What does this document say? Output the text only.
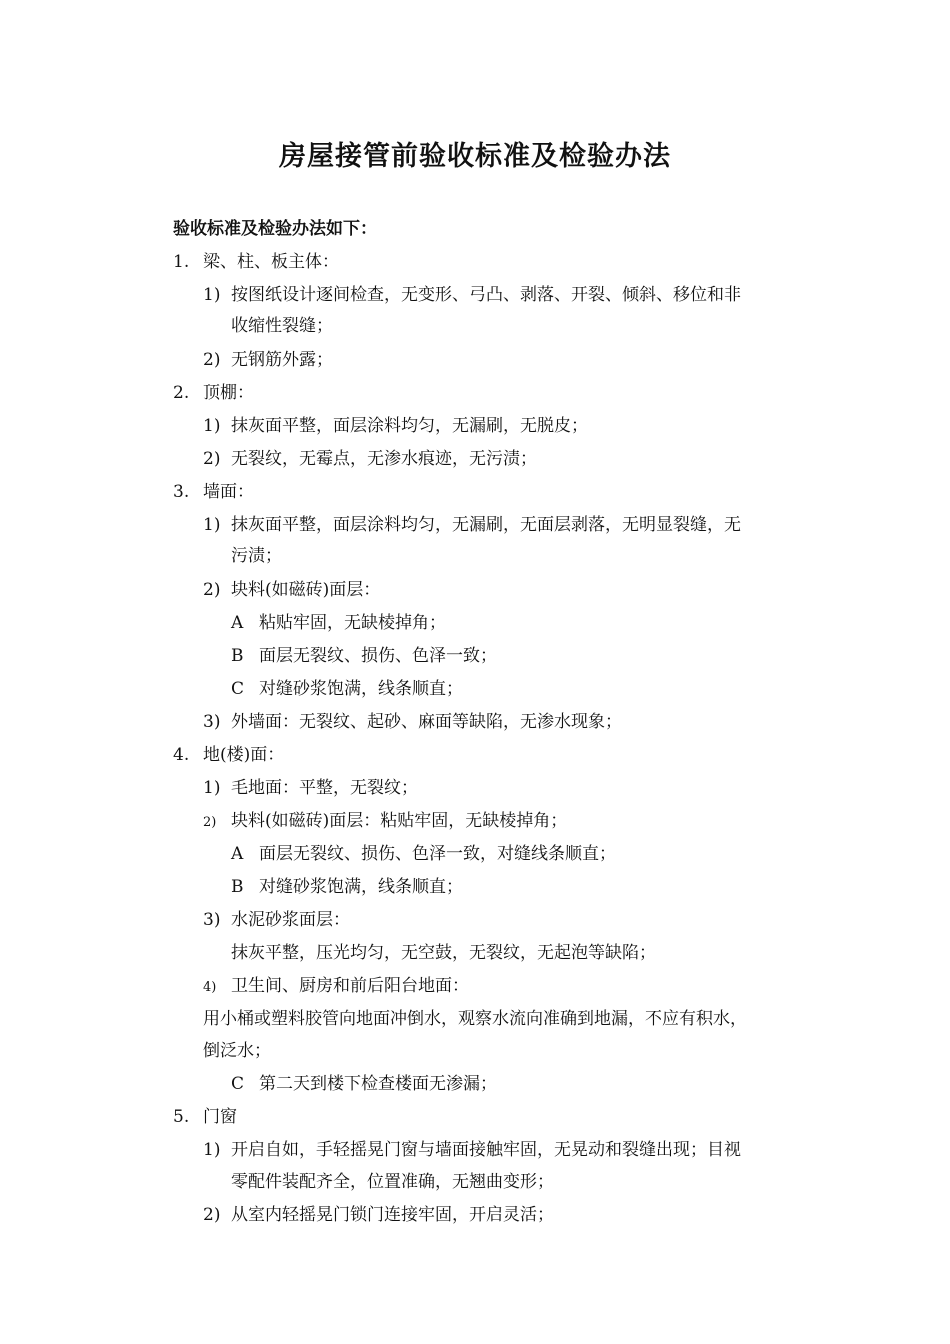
房屋接管前验收标准及检验办法
验收标准及检验办法如下：
1. 梁、柱、板主体：
1) 按图纸设计逐间检查，无变形、弓凸、剥落、开裂、倾斜、移位和非
收缩性裂缝；
2) 无钢筋外露；
2. 顶棚：
1) 抹灰面平整，面层涂料均匀，无漏刷，无脱皮；
2) 无裂纹，无霉点，无渗水痕迹，无污渍；
3. 墙面：
1) 抹灰面平整，面层涂料均匀，无漏刷，无面层剥落，无明显裂缝，无
污渍；
2) 块料(如磁砖)面层：
A 粘贴牢固，无缺棱掉角；
B 面层无裂纹、损伤、色泽一致；
C 对缝砂浆饱满，线条顺直；
3) 外墙面：无裂纹、起砂、麻面等缺陷，无渗水现象；
4. 地(楼)面：
1) 毛地面：平整，无裂纹；
2) 块料(如磁砖)面层：粘贴牢固，无缺棱掉角；
A 面层无裂纹、损伤、色泽一致，对缝线条顺直；
B 对缝砂浆饱满，线条顺直；
3) 水泥砂浆面层：
抹灰平整，压光均匀，无空鼓，无裂纹，无起泡等缺陷；
4) 卫生间、厨房和前后阳台地面：
用小桶或塑料胶管向地面冲倒水，观察水流向准确到地漏，不应有积水，
倒泛水；
C 第二天到楼下检查楼面无渗漏；
5. 门窗
1) 开启自如，手轻摇晃门窗与墙面接触牢固，无晃动和裂缝出现；目视
零配件装配齐全，位置准确，无翘曲变形；
2) 从室内轻摇晃门锁门连接牢固，开启灵活；
